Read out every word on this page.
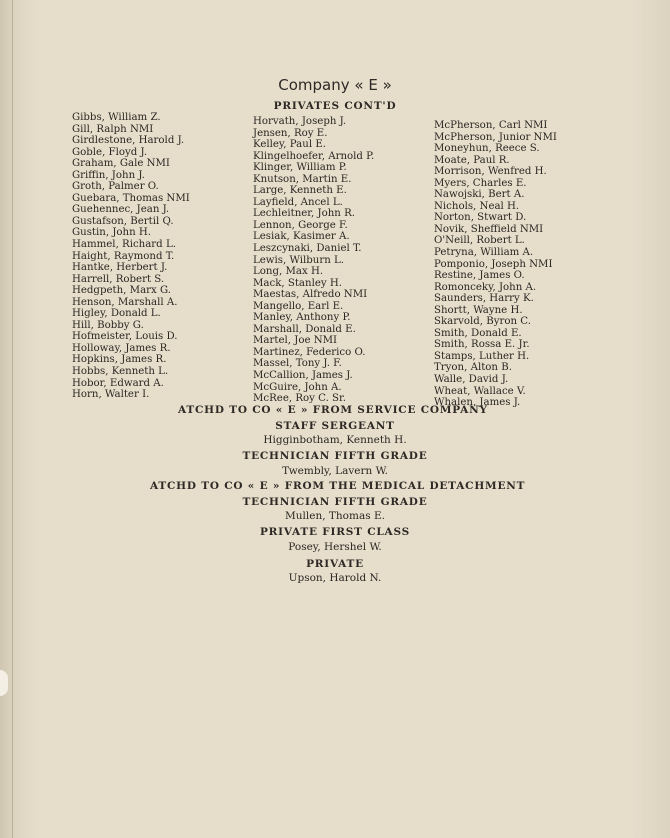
Company « E »
PRIVATES CONT'D
Gibbs, William Z.
Gill, Ralph NMI
Girdlestone, Harold J.
Goble, Floyd J.
Graham, Gale NMI
Griffin, John J.
Groth, Palmer O.
Guebara, Thomas NMI
Guehennec, Jean J.
Gustafson, Bertil Q.
Gustin, John H.
Hammel, Richard L.
Haight, Raymond T.
Hantke, Herbert J.
Harrell, Robert S.
Hedgpeth, Marx G.
Henson, Marshall A.
Higley, Donald L.
Hill, Bobby G.
Hofmeister, Louis D.
Holloway, James R.
Hopkins, James R.
Hobbs, Kenneth L.
Hobor, Edward A.
Horn, Walter I.
Horvath, Joseph J.
Jensen, Roy E.
Kelley, Paul E.
Klingelhoefer, Arnold P.
Klinger, William P.
Knutson, Martin E.
Large, Kenneth E.
Layfield, Ancel L.
Lechleitner, John R.
Lennon, George F.
Lesiak, Kasimer A.
Leszcynaki, Daniel T.
Lewis, Wilburn L.
Long, Max H.
Mack, Stanley H.
Maestas, Alfredo NMI
Mangello, Earl E.
Manley, Anthony P.
Marshall, Donald E.
Martel, Joe NMI
Martinez, Federico O.
Massel, Tony J. F.
McCallion, James J.
McGuire, John A.
McRee, Roy C. Sr.
McPherson, Carl NMI
McPherson, Junior NMI
Moneyhun, Reece S.
Moate, Paul R.
Morrison, Wenfred H.
Myers, Charles E.
Nawojski, Bert A.
Nichols, Neal H.
Norton, Stwart D.
Novik, Sheffield NMI
O'Neill, Robert L.
Petryna, William A.
Pomponio, Joseph NMI
Restine, James O.
Romonceky, John A.
Saunders, Harry K.
Shortt, Wayne H.
Skarvold, Byron C.
Smith, Donald E.
Smith, Rossa E. Jr.
Stamps, Luther H.
Tryon, Alton B.
Walle, David J.
Wheat, Wallace V.
Whalen, James J.
ATCHD TO CO « E » FROM SERVICE COMPANY
STAFF SERGEANT
Higginbotham, Kenneth H.
TECHNICIAN FIFTH GRADE
Twembly, Lavern W.
ATCHD TO CO « E » FROM THE MEDICAL DETACHMENT
TECHNICIAN FIFTH GRADE
Mullen, Thomas E.
PRIVATE FIRST CLASS
Posey, Hershel W.
PRIVATE
Upson, Harold N.
